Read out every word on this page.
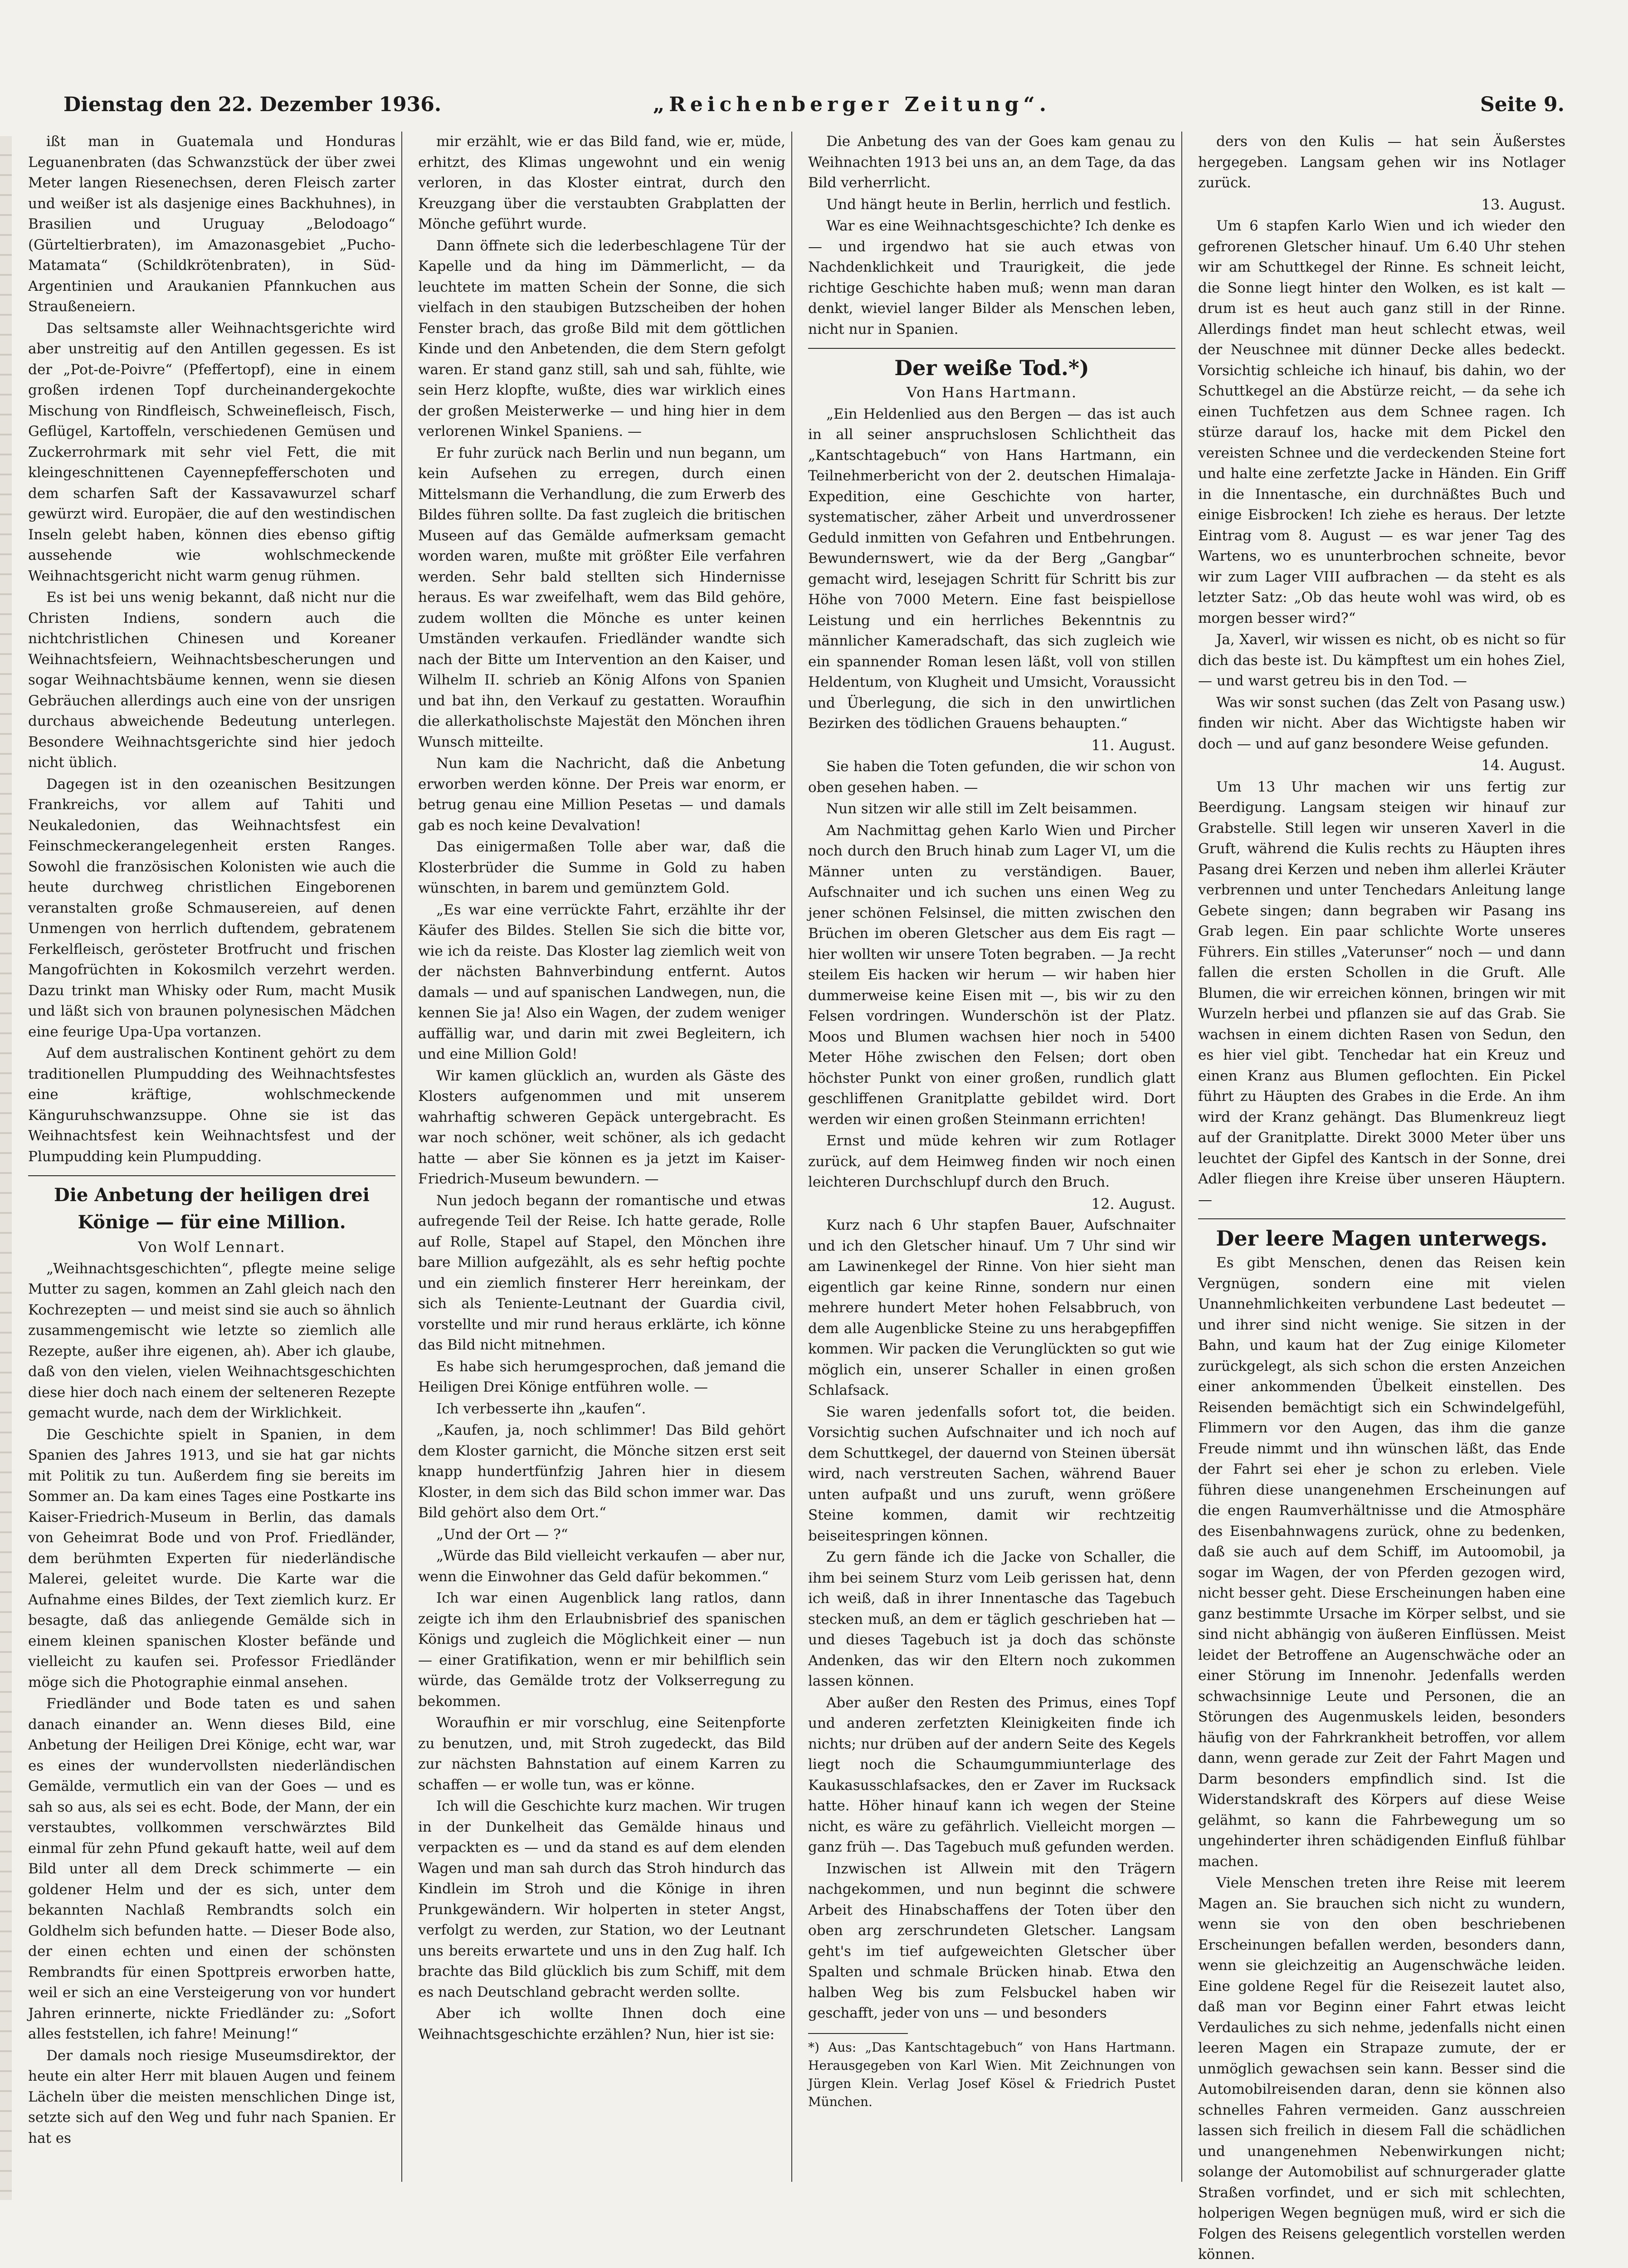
Dienstag den 22. Dezember 1936.	„Reichenberger Zeitung“.	Seite 9.

ißt man in Guatemala und Honduras Leguanenbraten (das Schwanzstück der über zwei Meter langen Riesenechsen, deren Fleisch zarter und weißer ist als dasjenige eines Backhuhnes), in Brasilien und Uruguay „Belodoago“ (Gürteltierbraten), im Amazonasgebiet „Pucho-Matamata“ (Schildkrötenbraten), in Süd-Argentinien und Araukanien Pfannkuchen aus Straußeneiern.

Das seltsamste aller Weihnachtsgerichte wird aber unstreitig auf den Antillen gegessen. Es ist der „Pot-de-Poivre“ (Pfeffertopf), eine in einem großen irdenen Topf durcheinandergekochte Mischung von Rindfleisch, Schweinefleisch, Fisch, Geflügel, Kartoffeln, verschiedenen Gemüsen und Zuckerrohrmark mit sehr viel Fett, die mit kleingeschnittenen Cayennepfefferschoten und dem scharfen Saft der Kassavawurzel scharf gewürzt wird. Europäer, die auf den westindischen Inseln gelebt haben, können dies ebenso giftig aussehende wie wohlschmeckende Weihnachtsgericht nicht warm genug rühmen.

Es ist bei uns wenig bekannt, daß nicht nur die Christen Indiens, sondern auch die nichtchristlichen Chinesen und Koreaner Weihnachtsfeiern, Weihnachtsbescherungen und sogar Weihnachtsbäume kennen, wenn sie diesen Gebräuchen allerdings auch eine von der unsrigen durchaus abweichende Bedeutung unterlegen. Besondere Weihnachtsgerichte sind hier jedoch nicht üblich.

Dagegen ist in den ozeanischen Besitzungen Frankreichs, vor allem auf Tahiti und Neukaledonien, das Weihnachtsfest ein Feinschmeckerangelegenheit ersten Ranges. Sowohl die französischen Kolonisten wie auch die heute durchweg christlichen Eingeborenen veranstalten große Schmausereien, auf denen Unmengen von herrlich duftendem, gebratenem Ferkelfleisch, gerösteter Brotfrucht und frischen Mangofrüchten in Kokosmilch verzehrt werden. Dazu trinkt man Whisky oder Rum, macht Musik und läßt sich von braunen polynesischen Mädchen eine feurige Upa-Upa vortanzen.

Auf dem australischen Kontinent gehört zu dem traditionellen Plumpudding des Weihnachtsfestes eine kräftige, wohlschmeckende Känguruhschwanzsuppe. Ohne sie ist das Weihnachtsfest kein Weihnachtsfest und der Plumpudding kein Plumpudding.

Die Anbetung der heiligen drei Könige — für eine Million.

Von Wolf Lennart.

„Weihnachtsgeschichten“, pflegte meine selige Mutter zu sagen, kommen an Zahl gleich nach den Kochrezepten — und meist sind sie auch so ähnlich zusammengemischt wie letzte so ziemlich alle Rezepte, außer ihre eigenen, ah). Aber ich glaube, daß von den vielen, vielen Weihnachtsgeschichten diese hier doch nach einem der selteneren Rezepte gemacht wurde, nach dem der Wirklichkeit.

Die Geschichte spielt in Spanien, in dem Spanien des Jahres 1913, und sie hat gar nichts mit Politik zu tun. Außerdem fing sie bereits im Sommer an. Da kam eines Tages eine Postkarte ins Kaiser-Friedrich-Museum in Berlin, das damals von Geheimrat Bode und von Prof. Friedländer, dem berühmten Experten für niederländische Malerei, geleitet wurde. Die Karte war die Aufnahme eines Bildes, der Text ziemlich kurz. Er besagte, daß das anliegende Gemälde sich in einem kleinen spanischen Kloster befände und vielleicht zu kaufen sei. Professor Friedländer möge sich die Photographie einmal ansehen.

Friedländer und Bode taten es und sahen danach einander an. Wenn dieses Bild, eine Anbetung der Heiligen Drei Könige, echt war, war es eines der wundervollsten niederländischen Gemälde, vermutlich ein van der Goes — und es sah so aus, als sei es echt. Bode, der Mann, der ein verstaubtes, vollkommen verschwärztes Bild einmal für zehn Pfund gekauft hatte, weil auf dem Bild unter all dem Dreck schimmerte — ein goldener Helm und der es sich, unter dem bekannten Nachlaß Rembrandts solch ein Goldhelm sich befunden hatte. — Dieser Bode also, der einen echten und einen der schönsten Rembrandts für einen Spottpreis erworben hatte, weil er sich an eine Versteigerung von vor hundert Jahren erinnerte, nickte Friedländer zu: „Sofort alles feststellen, ich fahre! Meinung!“

Der damals noch riesige Museumsdirektor, der heute ein alter Herr mit blauen Augen und feinem Lächeln über die meisten menschlichen Dinge ist, setzte sich auf den Weg und fuhr nach Spanien. Er hat es

mir erzählt, wie er das Bild fand, wie er, müde, erhitzt, des Klimas ungewohnt und ein wenig verloren, in das Kloster eintrat, durch den Kreuzgang über die verstaubten Grabplatten der Mönche geführt wurde.

Dann öffnete sich die lederbeschlagene Tür der Kapelle und da hing im Dämmerlicht, — da leuchtete im matten Schein der Sonne, die sich vielfach in den staubigen Butzscheiben der hohen Fenster brach, das große Bild mit dem göttlichen Kinde und den Anbetenden, die dem Stern gefolgt waren. Er stand ganz still, sah und sah, fühlte, wie sein Herz klopfte, wußte, dies war wirklich eines der großen Meisterwerke — und hing hier in dem verlorenen Winkel Spaniens. —

Er fuhr zurück nach Berlin und nun begann, um kein Aufsehen zu erregen, durch einen Mittelsmann die Verhandlung, die zum Erwerb des Bildes führen sollte. Da fast zugleich die britischen Museen auf das Gemälde aufmerksam gemacht worden waren, mußte mit größter Eile verfahren werden. Sehr bald stellten sich Hindernisse heraus. Es war zweifelhaft, wem das Bild gehöre, zudem wollten die Mönche es unter keinen Umständen verkaufen. Friedländer wandte sich nach der Bitte um Intervention an den Kaiser, und Wilhelm II. schrieb an König Alfons von Spanien und bat ihn, den Verkauf zu gestatten. Woraufhin die allerkatholischste Majestät den Mönchen ihren Wunsch mitteilte.

Nun kam die Nachricht, daß die Anbetung erworben werden könne. Der Preis war enorm, er betrug genau eine Million Pesetas — und damals gab es noch keine Devalvation!

Das einigermaßen Tolle aber war, daß die Klosterbrüder die Summe in Gold zu haben wünschten, in barem und gemünztem Gold.

„Es war eine verrückte Fahrt, erzählte ihr der Käufer des Bildes. Stellen Sie sich die bitte vor, wie ich da reiste. Das Kloster lag ziemlich weit von der nächsten Bahnverbindung entfernt. Autos damals — und auf spanischen Landwegen, nun, die kennen Sie ja! Also ein Wagen, der zudem weniger auffällig war, und darin mit zwei Begleitern, ich und eine Million Gold!

Wir kamen glücklich an, wurden als Gäste des Klosters aufgenommen und mit unserem wahrhaftig schweren Gepäck untergebracht. Es war noch schöner, weit schöner, als ich gedacht hatte — aber Sie können es ja jetzt im Kaiser-Friedrich-Museum bewundern. —

Nun jedoch begann der romantische und etwas aufregende Teil der Reise. Ich hatte gerade, Rolle auf Rolle, Stapel auf Stapel, den Mönchen ihre bare Million aufgezählt, als es sehr heftig pochte und ein ziemlich finsterer Herr hereinkam, der sich als Teniente-Leutnant der Guardia civil, vorstellte und mir rund heraus erklärte, ich könne das Bild nicht mitnehmen.

Es habe sich herumgesprochen, daß jemand die Heiligen Drei Könige entführen wolle. —

Ich verbesserte ihn „kaufen“.

„Kaufen, ja, noch schlimmer! Das Bild gehört dem Kloster garnicht, die Mönche sitzen erst seit knapp hundertfünfzig Jahren hier in diesem Kloster, in dem sich das Bild schon immer war. Das Bild gehört also dem Ort.“

„Und der Ort — ?“

„Würde das Bild vielleicht verkaufen — aber nur, wenn die Einwohner das Geld dafür bekommen.“

Ich war einen Augenblick lang ratlos, dann zeigte ich ihm den Erlaubnisbrief des spanischen Königs und zugleich die Möglichkeit einer — nun — einer Gratifikation, wenn er mir behilflich sein würde, das Gemälde trotz der Volkserregung zu bekommen.

Woraufhin er mir vorschlug, eine Seitenpforte zu benutzen, und, mit Stroh zugedeckt, das Bild zur nächsten Bahnstation auf einem Karren zu schaffen — er wolle tun, was er könne.

Ich will die Geschichte kurz machen. Wir trugen in der Dunkelheit das Gemälde hinaus und verpackten es — und da stand es auf dem elenden Wagen und man sah durch das Stroh hindurch das Kindlein im Stroh und die Könige in ihren Prunkgewändern. Wir holperten in steter Angst, verfolgt zu werden, zur Station, wo der Leutnant uns bereits erwartete und uns in den Zug half. Ich brachte das Bild glücklich bis zum Schiff, mit dem es nach Deutschland gebracht werden sollte.

Aber ich wollte Ihnen doch eine Weihnachtsgeschichte erzählen? Nun, hier ist sie:

Die Anbetung des van der Goes kam genau zu Weihnachten 1913 bei uns an, an dem Tage, da das Bild verherrlicht.

Und hängt heute in Berlin, herrlich und festlich.

War es eine Weihnachtsgeschichte? Ich denke es — und irgendwo hat sie auch etwas von Nachdenklichkeit und Traurigkeit, die jede richtige Geschichte haben muß; wenn man daran denkt, wieviel langer Bilder als Menschen leben, nicht nur in Spanien.

Der weiße Tod.*)

Von Hans Hartmann.

„Ein Heldenlied aus den Bergen — das ist auch in all seiner anspruchslosen Schlichtheit das „Kantschtagebuch“ von Hans Hartmann, ein Teilnehmerbericht von der 2. deutschen Himalaja-Expedition, eine Geschichte von harter, systematischer, zäher Arbeit und unverdrossener Geduld inmitten von Gefahren und Entbehrungen. Bewundernswert, wie da der Berg „Gangbar“ gemacht wird, lesejagen Schritt für Schritt bis zur Höhe von 7000 Metern. Eine fast beispiellose Leistung und ein herrliches Bekenntnis zu männlicher Kameradschaft, das sich zugleich wie ein spannender Roman lesen läßt, voll von stillen Heldentum, von Klugheit und Umsicht, Voraussicht und Überlegung, die sich in den unwirtlichen Bezirken des tödlichen Grauens behaupten.“

11. August.

Sie haben die Toten gefunden, die wir schon von oben gesehen haben. —

Nun sitzen wir alle still im Zelt beisammen.

Am Nachmittag gehen Karlo Wien und Pircher noch durch den Bruch hinab zum Lager VI, um die Männer unten zu verständigen. Bauer, Aufschnaiter und ich suchen uns einen Weg zu jener schönen Felsinsel, die mitten zwischen den Brüchen im oberen Gletscher aus dem Eis ragt — hier wollten wir unsere Toten begraben. — Ja recht steilem Eis hacken wir herum — wir haben hier dummerweise keine Eisen mit —, bis wir zu den Felsen vordringen. Wunderschön ist der Platz. Moos und Blumen wachsen hier noch in 5400 Meter Höhe zwischen den Felsen; dort oben höchster Punkt von einer großen, rundlich glatt geschliffenen Granitplatte gebildet wird. Dort werden wir einen großen Steinmann errichten!

Ernst und müde kehren wir zum Rotlager zurück, auf dem Heimweg finden wir noch einen leichteren Durchschlupf durch den Bruch.

12. August.

Kurz nach 6 Uhr stapfen Bauer, Aufschnaiter und ich den Gletscher hinauf. Um 7 Uhr sind wir am Lawinenkegel der Rinne. Von hier sieht man eigentlich gar keine Rinne, sondern nur einen mehrere hundert Meter hohen Felsabbruch, von dem alle Augenblicke Steine zu uns herabgepfiffen kommen. Wir packen die Verunglückten so gut wie möglich ein, unserer Schaller in einen großen Schlafsack.

Sie waren jedenfalls sofort tot, die beiden. Vorsichtig suchen Aufschnaiter und ich noch auf dem Schuttkegel, der dauernd von Steinen übersät wird, nach verstreuten Sachen, während Bauer unten aufpaßt und uns zuruft, wenn größere Steine kommen, damit wir rechtzeitig beiseitespringen können.

Zu gern fände ich die Jacke von Schaller, die ihm bei seinem Sturz vom Leib gerissen hat, denn ich weiß, daß in ihrer Innentasche das Tagebuch stecken muß, an dem er täglich geschrieben hat — und dieses Tagebuch ist ja doch das schönste Andenken, das wir den Eltern noch zukommen lassen können.

Aber außer den Resten des Primus, eines Topf und anderen zerfetzten Kleinigkeiten finde ich nichts; nur drüben auf der andern Seite des Kegels liegt noch die Schaumgummiunterlage des Kaukasusschlafsackes, den er Zaver im Rucksack hatte. Höher hinauf kann ich wegen der Steine nicht, es wäre zu gefährlich. Vielleicht morgen — ganz früh —. Das Tagebuch muß gefunden werden.

Inzwischen ist Allwein mit den Trägern nachgekommen, und nun beginnt die schwere Arbeit des Hinabschaffens der Toten über den oben arg zerschrundeten Gletscher. Langsam geht's im tief aufgeweichten Gletscher über Spalten und schmale Brücken hinab. Etwa den halben Weg bis zum Felsbuckel haben wir geschafft, jeder von uns — und besonders

*) Aus: „Das Kantschtagebuch“ von Hans Hartmann. Herausgegeben von Karl Wien. Mit Zeichnungen von Jürgen Klein. Verlag Josef Kösel & Friedrich Pustet München.

ders von den Kulis — hat sein Äußerstes hergegeben. Langsam gehen wir ins Notlager zurück.

13. August.

Um 6 stapfen Karlo Wien und ich wieder den gefrorenen Gletscher hinauf. Um 6.40 Uhr stehen wir am Schuttkegel der Rinne. Es schneit leicht, die Sonne liegt hinter den Wolken, es ist kalt — drum ist es heut auch ganz still in der Rinne. Allerdings findet man heut schlecht etwas, weil der Neuschnee mit dünner Decke alles bedeckt. Vorsichtig schleiche ich hinauf, bis dahin, wo der Schuttkegel an die Abstürze reicht, — da sehe ich einen Tuchfetzen aus dem Schnee ragen. Ich stürze darauf los, hacke mit dem Pickel den vereisten Schnee und die verdeckenden Steine fort und halte eine zerfetzte Jacke in Händen. Ein Griff in die Innentasche, ein durchnäßtes Buch und einige Eisbrocken! Ich ziehe es heraus. Der letzte Eintrag vom 8. August — es war jener Tag des Wartens, wo es ununterbrochen schneite, bevor wir zum Lager VIII aufbrachen — da steht es als letzter Satz: „Ob das heute wohl was wird, ob es morgen besser wird?“

Ja, Xaverl, wir wissen es nicht, ob es nicht so für dich das beste ist. Du kämpftest um ein hohes Ziel, — und warst getreu bis in den Tod. —

Was wir sonst suchen (das Zelt von Pasang usw.) finden wir nicht. Aber das Wichtigste haben wir doch — und auf ganz besondere Weise gefunden.

14. August.

Um 13 Uhr machen wir uns fertig zur Beerdigung. Langsam steigen wir hinauf zur Grabstelle. Still legen wir unseren Xaverl in die Gruft, während die Kulis rechts zu Häupten ihres Pasang drei Kerzen und neben ihm allerlei Kräuter verbrennen und unter Tenchedars Anleitung lange Gebete singen; dann begraben wir Pasang ins Grab legen. Ein paar schlichte Worte unseres Führers. Ein stilles „Vaterunser“ noch — und dann fallen die ersten Schollen in die Gruft. Alle Blumen, die wir erreichen können, bringen wir mit Wurzeln herbei und pflanzen sie auf das Grab. Sie wachsen in einem dichten Rasen von Sedun, den es hier viel gibt. Tenchedar hat ein Kreuz und einen Kranz aus Blumen geflochten. Ein Pickel führt zu Häupten des Grabes in die Erde. An ihm wird der Kranz gehängt. Das Blumenkreuz liegt auf der Granitplatte. Direkt 3000 Meter über uns leuchtet der Gipfel des Kantsch in der Sonne, drei Adler fliegen ihre Kreise über unseren Häuptern. —

Der leere Magen unterwegs.

Es gibt Menschen, denen das Reisen kein Vergnügen, sondern eine mit vielen Unannehmlichkeiten verbundene Last bedeutet — und ihrer sind nicht wenige. Sie sitzen in der Bahn, und kaum hat der Zug einige Kilometer zurückgelegt, als sich schon die ersten Anzeichen einer ankommenden Übelkeit einstellen. Des Reisenden bemächtigt sich ein Schwindelgefühl, Flimmern vor den Augen, das ihm die ganze Freude nimmt und ihn wünschen läßt, das Ende der Fahrt sei eher je schon zu erleben. Viele führen diese unangenehmen Erscheinungen auf die engen Raumverhältnisse und die Atmosphäre des Eisenbahnwagens zurück, ohne zu bedenken, daß sie auch auf dem Schiff, im Autoomobil, ja sogar im Wagen, der von Pferden gezogen wird, nicht besser geht. Diese Erscheinungen haben eine ganz bestimmte Ursache im Körper selbst, und sie sind nicht abhängig von äußeren Einflüssen. Meist leidet der Betroffene an Augenschwäche oder an einer Störung im Innenohr. Jedenfalls werden schwachsinnige Leute und Personen, die an Störungen des Augenmuskels leiden, besonders häufig von der Fahrkrankheit betroffen, vor allem dann, wenn gerade zur Zeit der Fahrt Magen und Darm besonders empfindlich sind. Ist die Widerstandskraft des Körpers auf diese Weise gelähmt, so kann die Fahrbewegung um so ungehinderter ihren schädigenden Einfluß fühlbar machen.

Viele Menschen treten ihre Reise mit leerem Magen an. Sie brauchen sich nicht zu wundern, wenn sie von den oben beschriebenen Erscheinungen befallen werden, besonders dann, wenn sie gleichzeitig an Augenschwäche leiden. Eine goldene Regel für die Reisezeit lautet also, daß man vor Beginn einer Fahrt etwas leicht Verdauliches zu sich nehme, jedenfalls nicht einen leeren Magen ein Strapaze zumute, der er unmöglich gewachsen sein kann. Besser sind die Automobilreisenden daran, denn sie können also schnelles Fahren vermeiden. Ganz ausschreien lassen sich freilich in diesem Fall die schädlichen und unangenehmen Nebenwirkungen nicht; solange der Automobilist auf schnurgerader glatte Straßen vorfindet, und er sich mit schlechten, holperigen Wegen begnügen muß, wird er sich die Folgen des Reisens gelegentlich vorstellen werden können.
